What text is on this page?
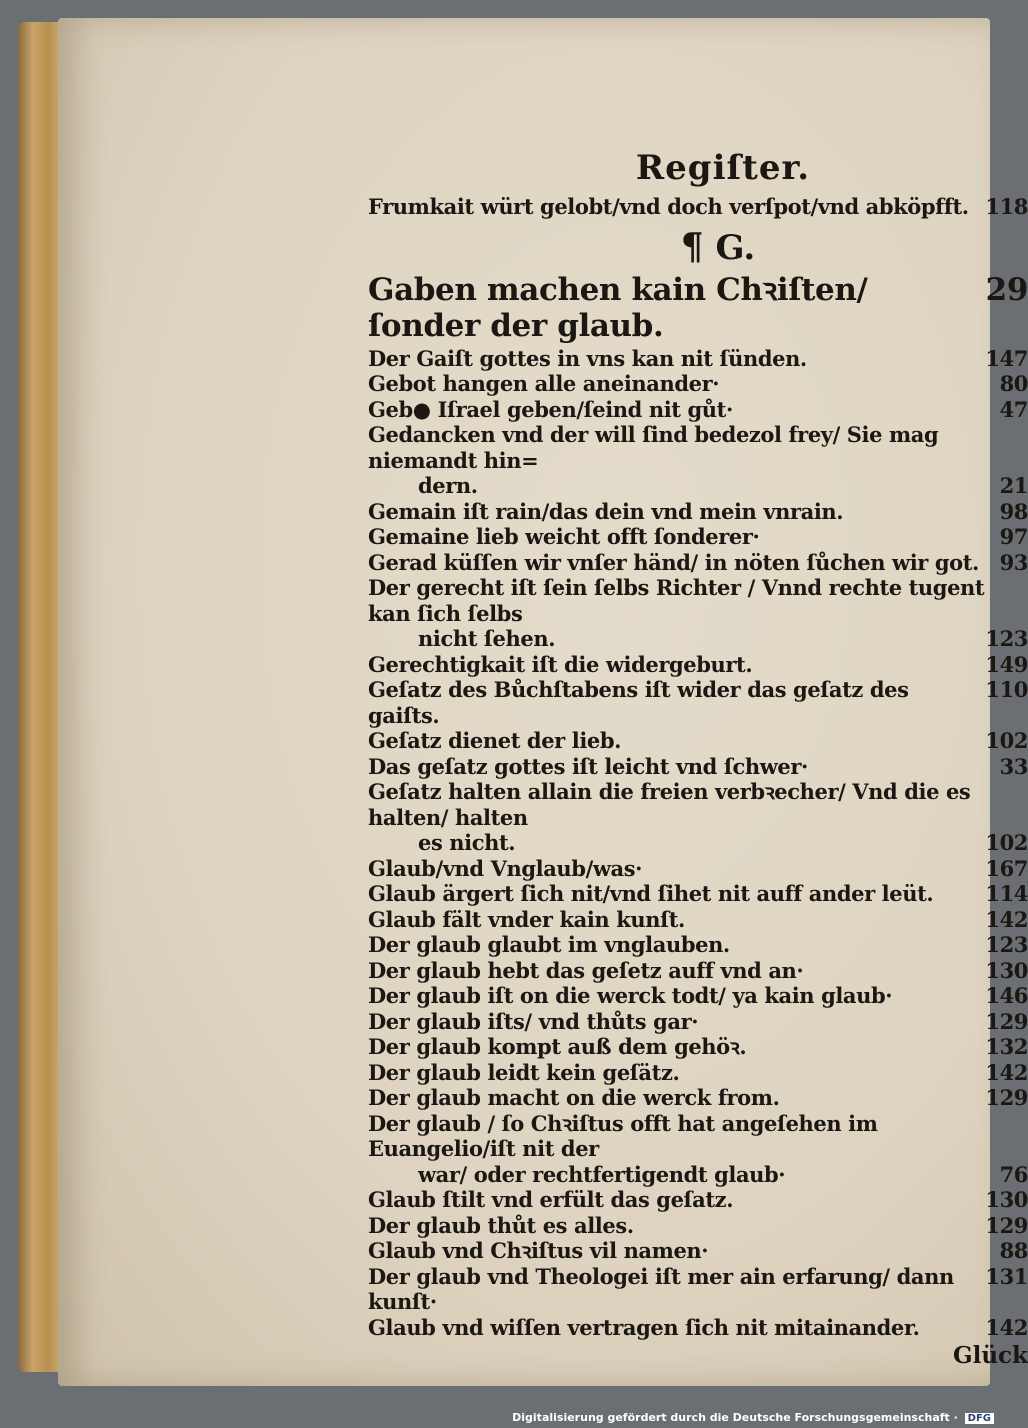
Regiſter.
Frumkait würt gelobt/vnd doch verſpot/vnd abköpfft. 118
¶ G.
Gaben machen kain Chꝛiſten/ſonder der glaub.
29
Der Gaiſt gottes in vns kan nit ſünden.	147
Gebot hangen alle aneinander·	80
Geb● Iſrael geben/ſeind nit gůt·	47
Gedancken vnd der will ſind bedezol frey/ Sie mag niemandt hin=
dern.	21
Gemain iſt rain/das dein vnd mein vnrain.	98
Gemaine lieb weicht offt ſonderer·	97
Gerad küſſen wir vnſer händ/ in nöten ſůchen wir got. 93
Der gerecht iſt ſein ſelbs Richter / Vnnd rechte tugent kan ſich ſelbs
nicht ſehen.	123
Gerechtigkait iſt die widergeburt.	149
Geſatz des Bůchſtabens iſt wider das geſatz des gaiſts.
110
Geſatz dienet der lieb.	102
Das geſatz gottes iſt leicht vnd ſchwer·	33
Geſatz halten allain die freien verbꝛecher/ Vnd die es halten/ halten
es nicht.	102
Glaub/vnd Vnglaub/was·	167
Glaub ärgert ſich nit/vnd ſihet nit auff ander leüt.	114
Glaub fält vnder kain kunſt.	142
Der glaub glaubt im vnglauben.	123
Der glaub hebt das geſetz auff vnd an·	130
Der glaub iſt on die werck todt/ ya kain glaub·	146
Der glaub iſts/ vnd thůts gar·	129
Der glaub kompt auß dem gehöꝛ.	132
Der glaub leidt kein geſätz.	142
Der glaub macht on die werck from.	129
Der glaub / ſo Chꝛiſtus offt hat angeſehen im Euangelio/iſt nit der
war/ oder rechtfertigendt glaub·	76
Glaub ſtilt vnd erfült das geſatz.	130
Der glaub thůt es alles.	129
Glaub vnd Chꝛiſtus vil namen·	88
Der glaub vnd Theologei iſt mer ain erfarung/ dann kunſt·
131
Glaub vnd wiſſen vertragen ſich nit mitainander.	142
Glück
Digitalisierung gefördert durch die Deutsche Forschungsgemeinschaft · DFG
